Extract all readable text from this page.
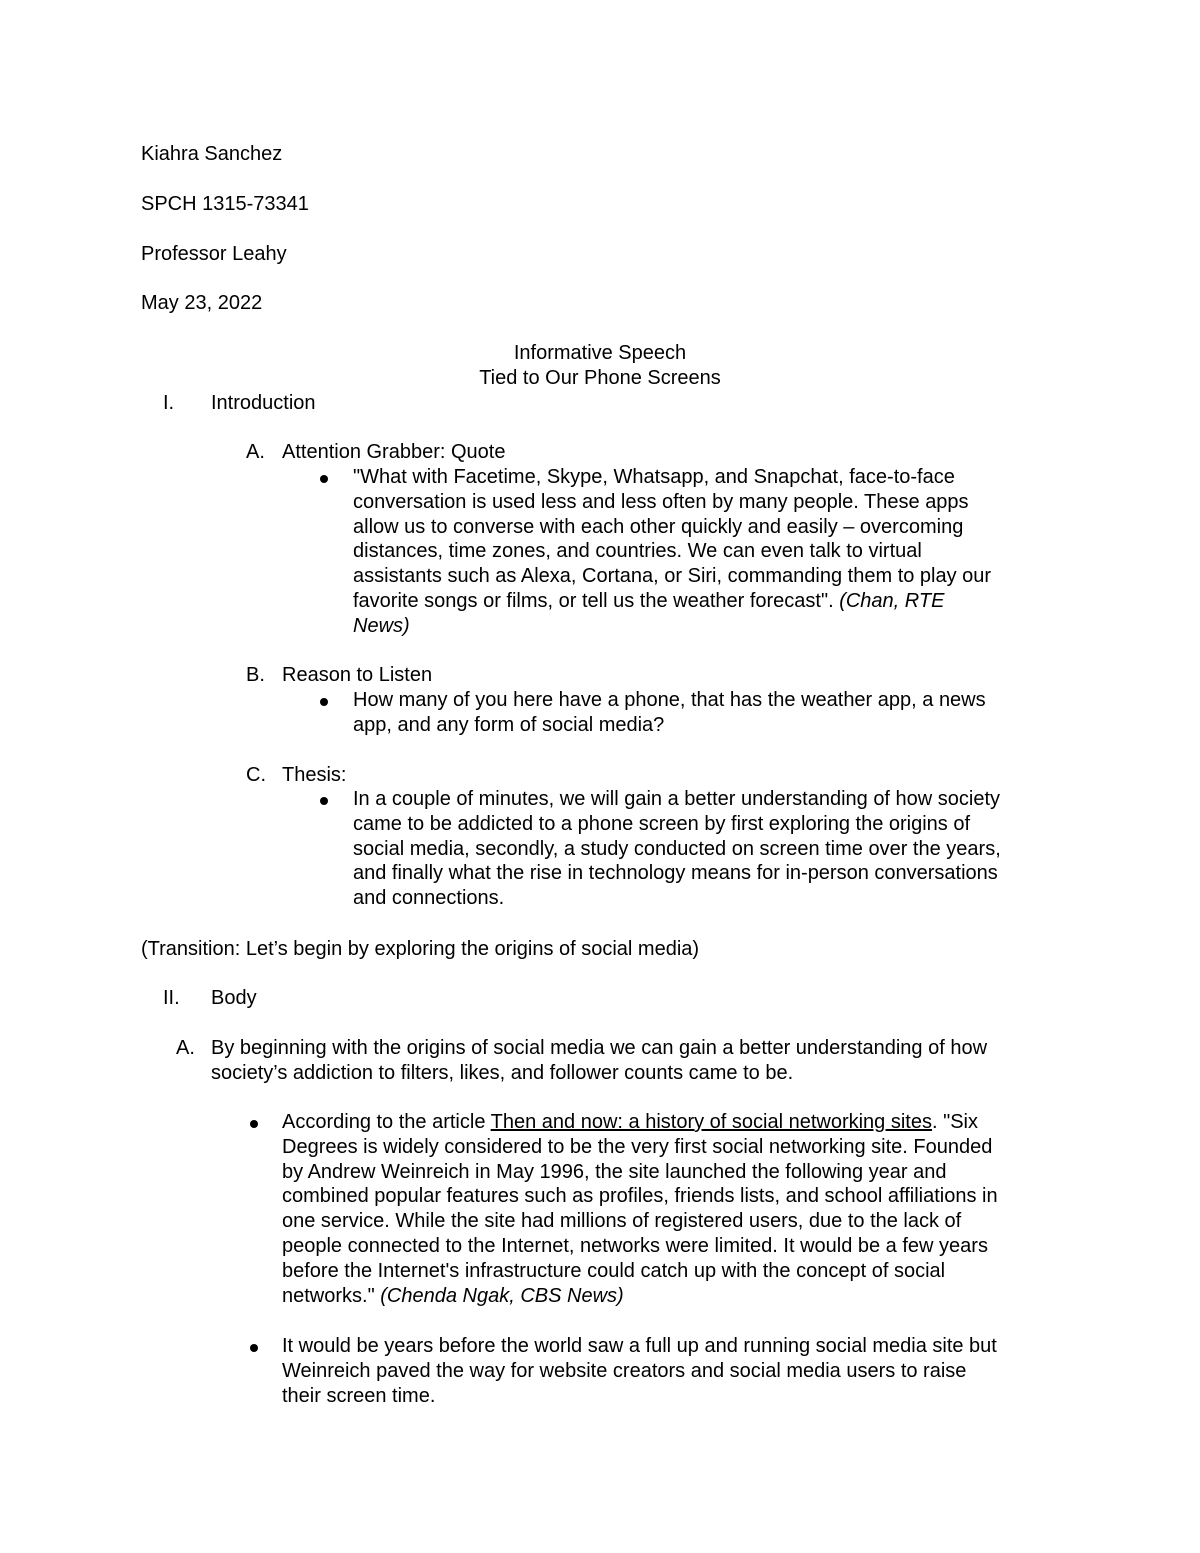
Kiahra Sanchez
SPCH 1315-73341
Professor Leahy
May 23, 2022
Informative Speech
Tied to Our Phone Screens
I. Introduction
A. Attention Grabber: Quote
"What with Facetime, Skype, Whatsapp, and Snapchat, face-to-face
conversation is used less and less often by many people. These apps
allow us to converse with each other quickly and easily – overcoming
distances, time zones, and countries. We can even talk to virtual
assistants such as Alexa, Cortana, or Siri, commanding them to play our
favorite songs or films, or tell us the weather forecast". (Chan, RTE
News)
B. Reason to Listen
How many of you here have a phone, that has the weather app, a news
app, and any form of social media?
C. Thesis:
In a couple of minutes, we will gain a better understanding of how society
came to be addicted to a phone screen by first exploring the origins of
social media, secondly, a study conducted on screen time over the years,
and finally what the rise in technology means for in-person conversations
and connections.
(Transition: Let’s begin by exploring the origins of social media)
II. Body
A. By beginning with the origins of social media we can gain a better understanding of how
society’s addiction to filters, likes, and follower counts came to be.
According to the article Then and now: a history of social networking sites. "Six
Degrees is widely considered to be the very first social networking site. Founded
by Andrew Weinreich in May 1996, the site launched the following year and
combined popular features such as profiles, friends lists, and school affiliations in
one service. While the site had millions of registered users, due to the lack of
people connected to the Internet, networks were limited. It would be a few years
before the Internet's infrastructure could catch up with the concept of social
networks." (Chenda Ngak, CBS News)
It would be years before the world saw a full up and running social media site but
Weinreich paved the way for website creators and social media users to raise
their screen time.
